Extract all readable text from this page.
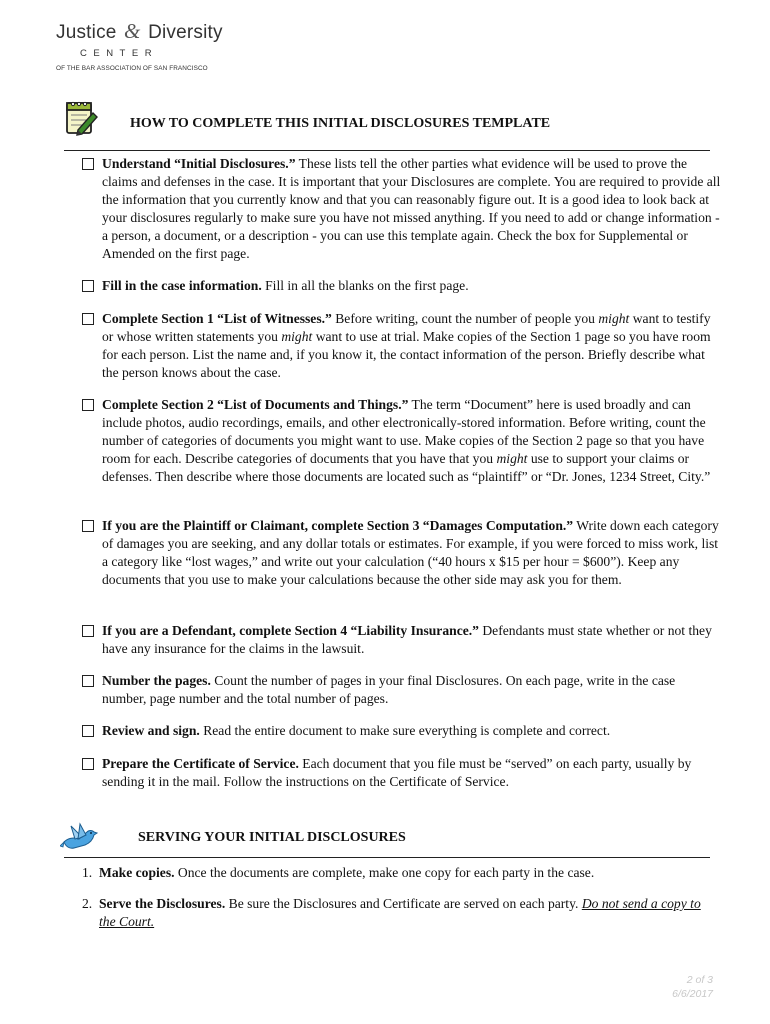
Justice & Diversity
CENTER
OF THE BAR ASSOCIATION OF SAN FRANCISCO
HOW TO COMPLETE THIS INITIAL DISCLOSURES TEMPLATE
Understand “Initial Disclosures.” These lists tell the other parties what evidence will be used to prove the claims and defenses in the case. It is important that your Disclosures are complete. You are required to provide all the information that you currently know and that you can reasonably figure out. It is a good idea to look back at your disclosures regularly to make sure you have not missed anything. If you need to add or change information - a person, a document, or a description - you can use this template again. Check the box for Supplemental or Amended on the first page.
Fill in the case information. Fill in all the blanks on the first page.
Complete Section 1 “List of Witnesses.” Before writing, count the number of people you might want to testify or whose written statements you might want to use at trial. Make copies of the Section 1 page so you have room for each person. List the name and, if you know it, the contact information of the person. Briefly describe what the person knows about the case.
Complete Section 2 “List of Documents and Things.” The term “Document” here is used broadly and can include photos, audio recordings, emails, and other electronically-stored information. Before writing, count the number of categories of documents you might want to use. Make copies of the Section 2 page so that you have room for each. Describe categories of documents that you have that you might use to support your claims or defenses. Then describe where those documents are located such as “plaintiff” or “Dr. Jones, 1234 Street, City.”
If you are the Plaintiff or Claimant, complete Section 3 “Damages Computation.” Write down each category of damages you are seeking, and any dollar totals or estimates. For example, if you were forced to miss work, list a category like “lost wages,” and write out your calculation (“40 hours x $15 per hour = $600”). Keep any documents that you use to make your calculations because the other side may ask you for them.
If you are a Defendant, complete Section 4 “Liability Insurance.” Defendants must state whether or not they have any insurance for the claims in the lawsuit.
Number the pages. Count the number of pages in your final Disclosures. On each page, write in the case number, page number and the total number of pages.
Review and sign. Read the entire document to make sure everything is complete and correct.
Prepare the Certificate of Service. Each document that you file must be “served” on each party, usually by sending it in the mail. Follow the instructions on the Certificate of Service.
SERVING YOUR INITIAL DISCLOSURES
1. Make copies. Once the documents are complete, make one copy for each party in the case.
2. Serve the Disclosures. Be sure the Disclosures and Certificate are served on each party. Do not send a copy to the Court.
2 of 3
6/6/2017
